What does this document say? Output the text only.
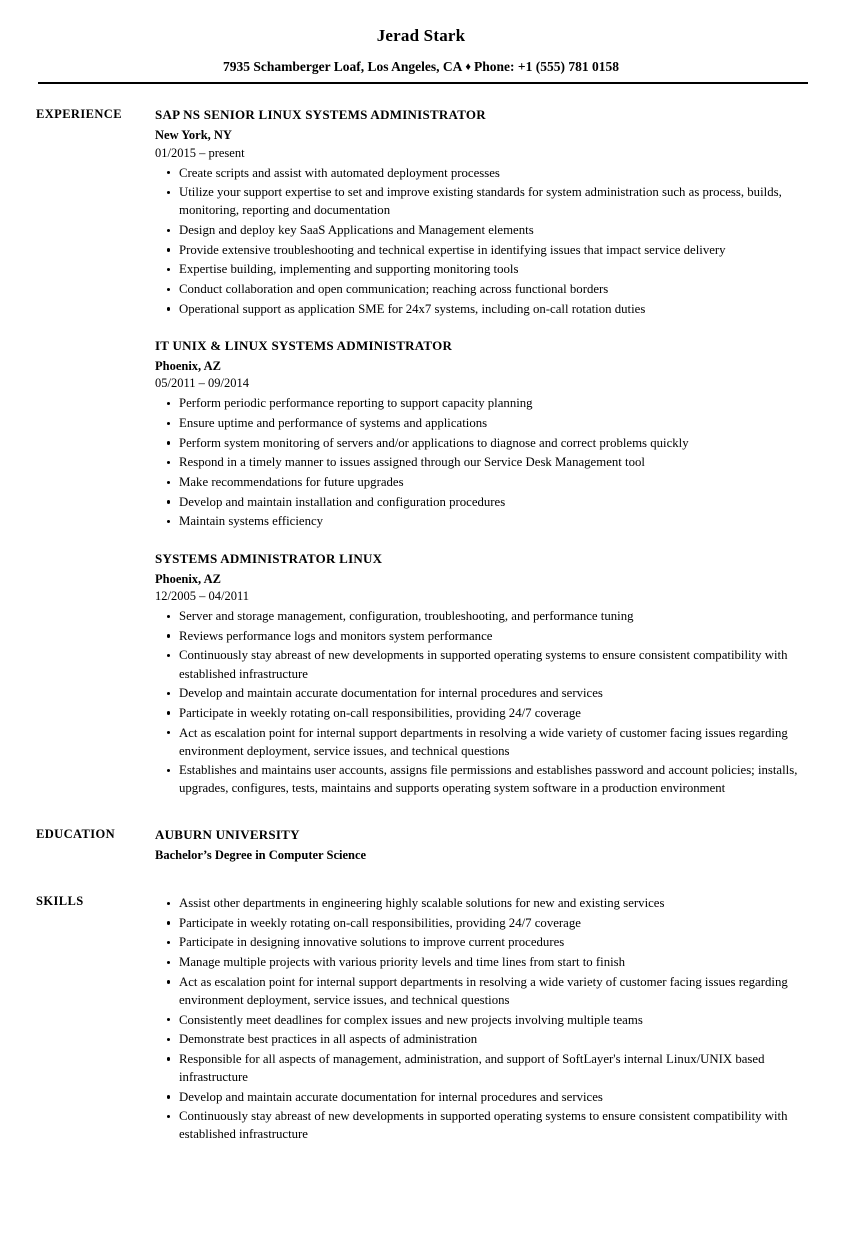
Jerad Stark
7935 Schamberger Loaf, Los Angeles, CA ♦ Phone: +1 (555) 781 0158
EXPERIENCE	SAP NS SENIOR LINUX SYSTEMS ADMINISTRATOR
New York, NY
01/2015 – present
Create scripts and assist with automated deployment processes
Utilize your support expertise to set and improve existing standards for system administration such as process, builds, monitoring, reporting and documentation
Design and deploy key SaaS Applications and Management elements
Provide extensive troubleshooting and technical expertise in identifying issues that impact service delivery
Expertise building, implementing and supporting monitoring tools
Conduct collaboration and open communication; reaching across functional borders
Operational support as application SME for 24x7 systems, including on-call rotation duties
IT UNIX & LINUX SYSTEMS ADMINISTRATOR
Phoenix, AZ
05/2011 – 09/2014
Perform periodic performance reporting to support capacity planning
Ensure uptime and performance of systems and applications
Perform system monitoring of servers and/or applications to diagnose and correct problems quickly
Respond in a timely manner to issues assigned through our Service Desk Management tool
Make recommendations for future upgrades
Develop and maintain installation and configuration procedures
Maintain systems efficiency
SYSTEMS ADMINISTRATOR LINUX
Phoenix, AZ
12/2005 – 04/2011
Server and storage management, configuration, troubleshooting, and performance tuning
Reviews performance logs and monitors system performance
Continuously stay abreast of new developments in supported operating systems to ensure consistent compatibility with established infrastructure
Develop and maintain accurate documentation for internal procedures and services
Participate in weekly rotating on-call responsibilities, providing 24/7 coverage
Act as escalation point for internal support departments in resolving a wide variety of customer facing issues regarding environment deployment, service issues, and technical questions
Establishes and maintains user accounts, assigns file permissions and establishes password and account policies; installs, upgrades, configures, tests, maintains and supports operating system software in a production environment
EDUCATION	AUBURN UNIVERSITY
Bachelor’s Degree in Computer Science
SKILLS	Assist other departments in engineering highly scalable solutions for new and existing services
Participate in weekly rotating on-call responsibilities, providing 24/7 coverage
Participate in designing innovative solutions to improve current procedures
Manage multiple projects with various priority levels and time lines from start to finish
Act as escalation point for internal support departments in resolving a wide variety of customer facing issues regarding environment deployment, service issues, and technical questions
Consistently meet deadlines for complex issues and new projects involving multiple teams
Demonstrate best practices in all aspects of administration
Responsible for all aspects of management, administration, and support of SoftLayer's internal Linux/UNIX based infrastructure
Develop and maintain accurate documentation for internal procedures and services
Continuously stay abreast of new developments in supported operating systems to ensure consistent compatibility with established infrastructure
